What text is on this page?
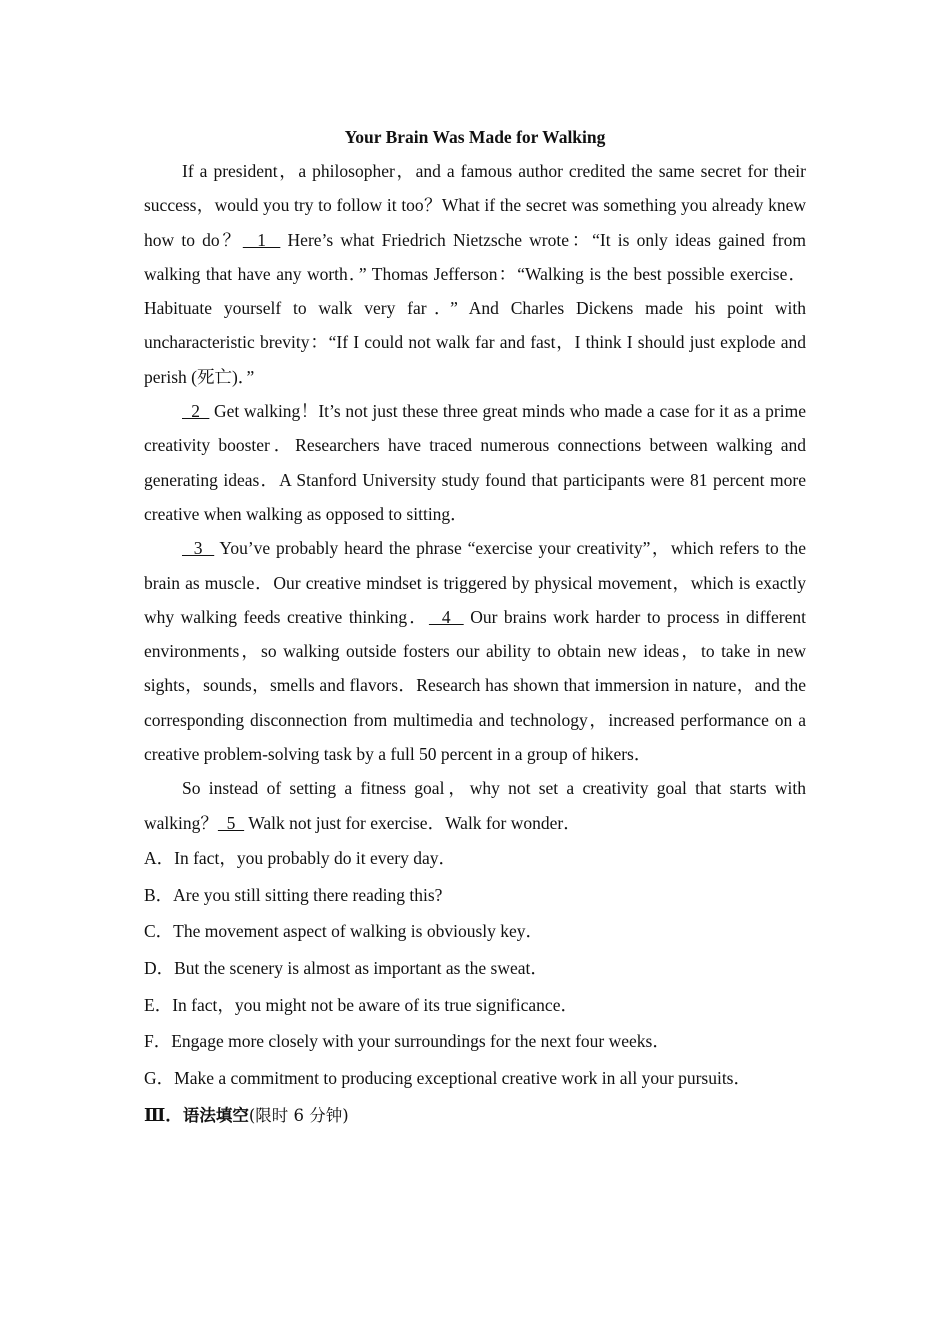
Your Brain Was Made for Walking

If a president，a philosopher，and a famous author credited the same secret for their success，would you try to follow it too？What if the secret was something you already knew how to do？  1   Here’s what Friedrich Nietzsche wrote：“It is only ideas gained from walking that have any worth．” Thomas Jefferson：“Walking is the best possible exercise．Habituate yourself to walk very far．” And Charles Dickens made his point with uncharacteristic brevity：“If I could not walk far and fast，I think I should just explode and perish (死亡)．”

2   Get walking！It’s not just these three great minds who made a case for it as a prime creativity booster．Researchers have traced numerous connections between walking and generating ideas．A Stanford University study found that participants were 81 percent more creative when walking as opposed to sitting．

3   You’ve probably heard the phrase “exercise your creativity”，which refers to the brain as muscle．Our creative mindset is triggered by physical movement，which is exactly why walking feeds creative thinking．  4   Our brains work harder to process in different environments，so walking outside fosters our ability to obtain new ideas，to take in new sights，sounds，smells and flavors．Research has shown that immersion in nature，and the corresponding disconnection from multimedia and technology，increased performance on a creative problem-solving task by a full 50 percent in a group of hikers．

So instead of setting a fitness goal，why not set a creativity goal that starts with walking？  5   Walk not just for exercise．Walk for wonder．

A．In fact，you probably do it every day．

B．Are you still sitting there reading this?

C．The movement aspect of walking is obviously key．

D．But the scenery is almost as important as the sweat．

E．In fact，you might not be aware of its true significance．

F．Engage more closely with your surroundings for the next four weeks．

G．Make a commitment to producing exceptional creative work in all your pursuits．

Ⅲ．语法填空(限时 6 分钟)
